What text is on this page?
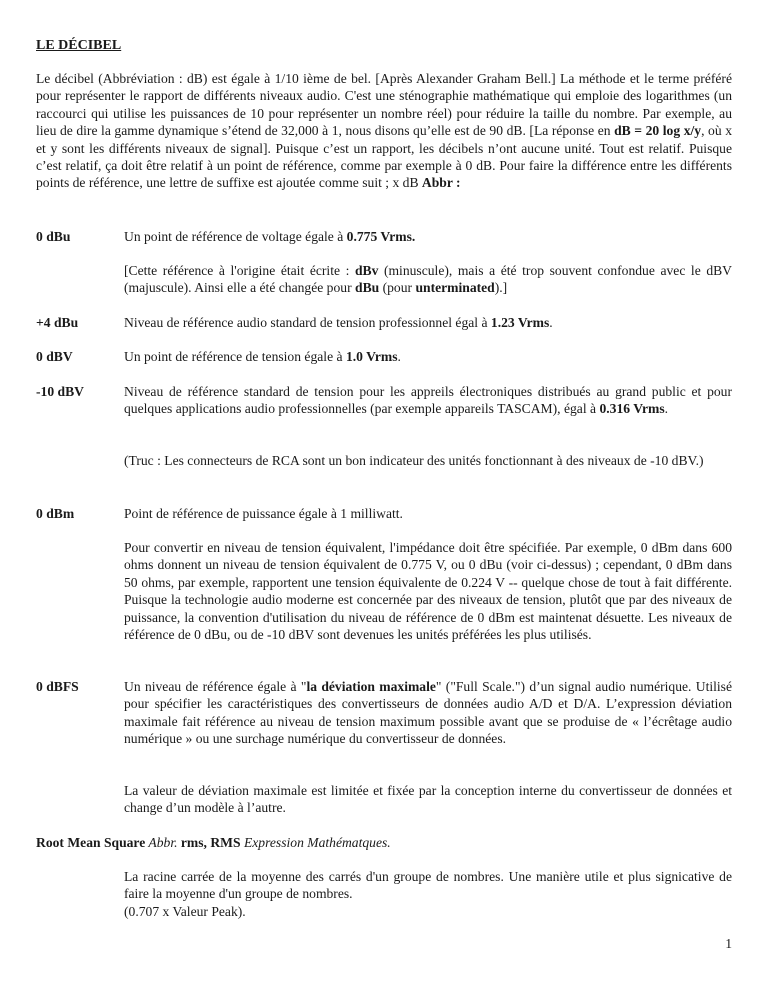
LE DÉCIBEL

Le décibel (Abbréviation : dB) est égale à 1/10 ième de bel. [Après Alexander Graham Bell.] La méthode et le terme préféré pour représenter le rapport de différents niveaux audio. C'est une sténographie mathématique qui emploie des logarithmes (un raccourci qui utilise les puissances de 10 pour représenter un nombre réel) pour réduire la taille du nombre. Par exemple, au lieu de dire la gamme dynamique s’étend de 32,000 à 1, nous disons qu’elle est de 90 dB. [La réponse en dB = 20 log x/y, où x et y sont les différents niveaux de signal]. Puisque c’est un rapport, les décibels n’ont aucune unité. Tout est relatif. Puisque c’est relatif, ça doit être relatif à un point de référence, comme par exemple à 0 dB. Pour faire la différence entre les différents points de référence, une lettre de suffixe est ajoutée comme suit ; x dB Abbr :

0 dBu	Un point de référence de voltage égale à 0.775 Vrms.

[Cette référence à l'origine était écrite : dBv (minuscule), mais a été trop souvent confondue avec le dBV (majuscule). Ainsi elle a été changée pour dBu (pour unterminated).]

+4 dBu	Niveau de référence audio standard de tension professionnel égal à 1.23 Vrms.

0 dBV	Un point de référence de tension égale à 1.0 Vrms.

-10 dBV	Niveau de référence standard de tension pour les appreils électroniques distribués au grand public et pour quelques applications audio professionnelles (par exemple appareils TASCAM), égal à 0.316 Vrms.

(Truc : Les connecteurs de RCA sont un bon indicateur des unités fonctionnant à des niveaux de -10 dBV.)

0 dBm	Point de référence de puissance égale à 1 milliwatt.

Pour convertir en niveau de tension équivalent, l'impédance doit être spécifiée. Par exemple, 0 dBm dans 600 ohms donnent un niveau de tension équivalent de 0.775 V, ou 0 dBu (voir ci-dessus) ; cependant, 0 dBm dans 50 ohms, par exemple, rapportent une tension équivalente de 0.224 V -- quelque chose de tout à fait différente. Puisque la technologie audio moderne est concernée par des niveaux de tension, plutôt que par des niveaux de puissance, la convention d'utilisation du niveau de référence de 0 dBm est maintenat désuette. Les niveaux de référence de 0 dBu, ou de -10 dBV sont devenues les unités préférées les plus utilisés.

0 dBFS	Un niveau de référence égale à "la déviation maximale" ("Full Scale.") d’un signal audio numérique. Utilisé pour spécifier les caractéristiques des convertisseurs de données audio A/D et D/A. L’expression déviation maximale fait référence au niveau de tension maximum possible avant que se produise de « l’écrêtage audio numérique » ou une surchage numérique du convertisseur de données.

La valeur de déviation maximale est limitée et fixée par la conception interne du convertisseur de données et change d’un modèle à l’autre.

Root Mean Square Abbr. rms, RMS Expression Mathématques.

La racine carrée de la moyenne des carrés d'un groupe de nombres. Une manière utile et plus signicative de faire la moyenne d'un groupe de nombres.
(0.707 x Valeur Peak).

1
